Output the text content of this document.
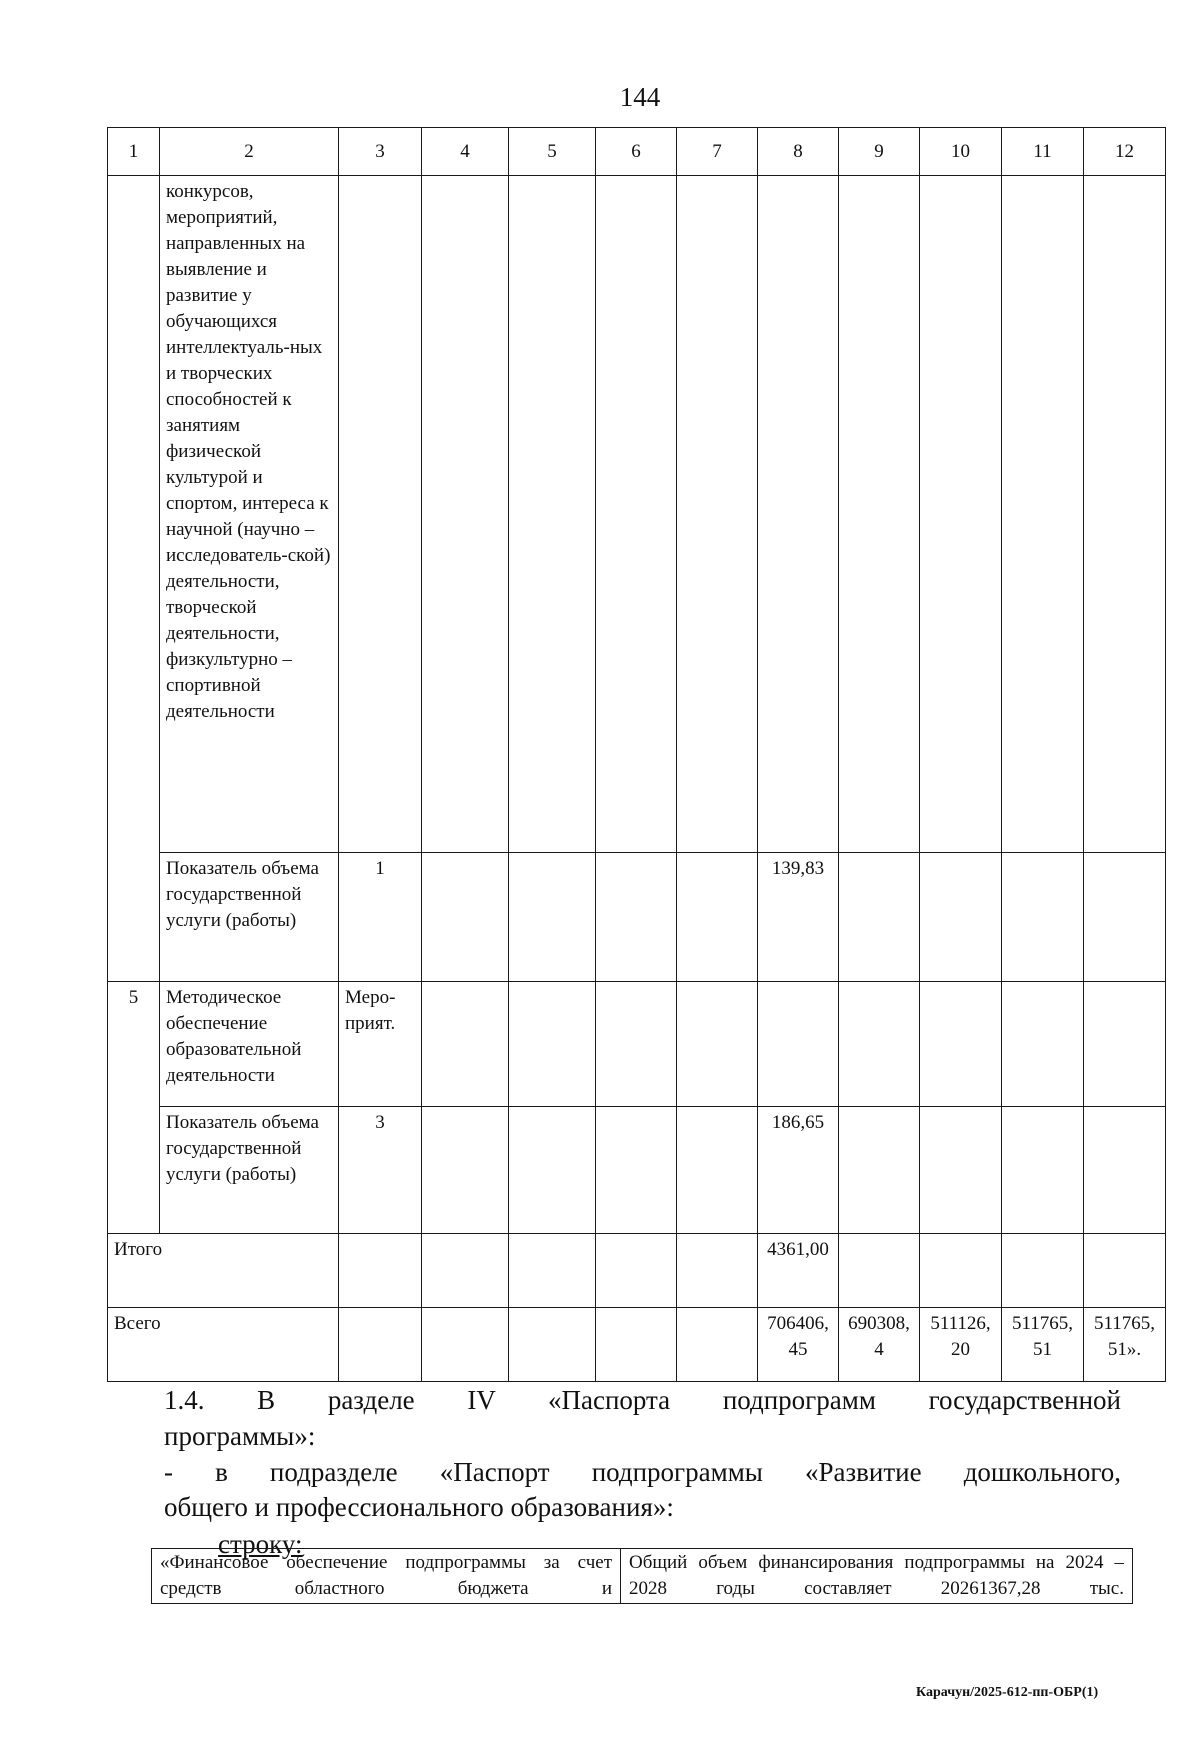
144
1	2	3	4	5	6	7	8	9	10	11	12
	конкурсов, мероприятий, направленных на выявление и развитие у обучающихся интеллектуаль-ных и творческих способностей к занятиям физической культурой и спортом, интереса к научной (научно – исследователь-ской) деятельности, творческой деятельности, физкультурно – спортивной деятельности										
	Показатель объема государственной услуги (работы)	1					139,83				
5	Методическое обеспечение образовательной деятельности	Меро-прият.									
	Показатель объема государственной услуги (работы)	3					186,65				
Итого							4361,00				
Всего							706406,45	690308,4	511126,20	511765,51	511765,51».
1.4. В разделе IV «Паспорта подпрограмм государственной
программы»:
- в подразделе «Паспорт подпрограммы «Развитие дошкольного,
общего и профессионального образования»:
строку:
«Финансовое обеспечение подпрограммы за счет средств областного бюджета и	Общий объем финансирования подпрограммы на 2024 – 2028 годы составляет 20261367,28 тыс.
Карачун/2025-612-пп-ОБР(1)
